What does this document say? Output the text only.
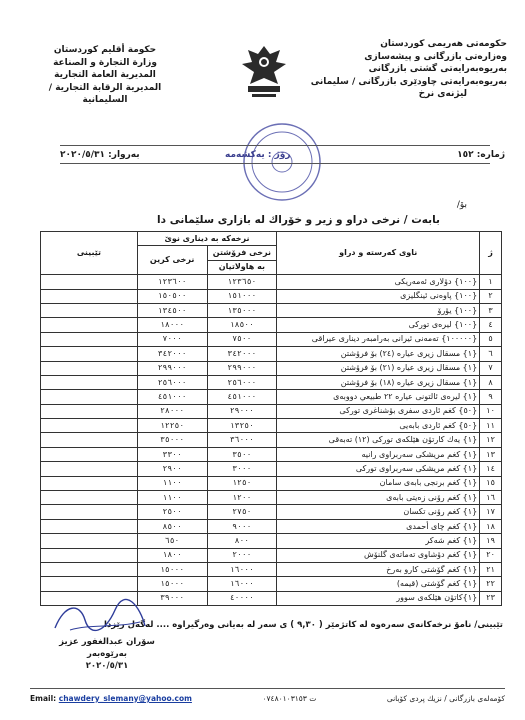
حكومة أقليم كوردستان
وزارة التجارة و الصناعة
المديرية العامة التجارية
المديرية الرقابة التجارية / السليمانية
حكومه‌تى هه‌ريمى كوردستان
وه‌زاره‌تى بازرگانى و پيشه‌سازى
به‌ريوه‌به‌رايه‌تى گشتى بازرگانى
به‌ريوه‌به‌رايه‌تى چاودێرى بازرگانى / سليمانى
ليژنه‌ى نرخ
ژماره‌: ١٥٢
به‌روار: ٢٠٢٠/٥/٣١	رۆژ : يه‌كشه‌مه
بۆ/
بابه‌ت / نرخى دراو و زير و خۆراك له‌ بازارى سلێمانى دا
ژ	ناوى كه‌رسته‌ و دراو	نرخه‌كه‌ به‌ دينارى نوێ		تێبينى
		نرخى فرۆشتن	نرخى كرين	
		به‌ هاولاتيان		
١	{١٠٠} دۆلارى ئه‌مه‌ريكى	١٢٣٦٥٠	١٢٣٦٠٠	
٢	{١٠٠} پاوه‌نى ئينگليزى	١٥١٠٠٠	١٥٠٥٠٠	
٣	{١٠٠} يۆرۆ	١٣٥٠٠٠	١٣٤٥٠٠	
٤	{١٠٠} ليره‌ى توركى	١٨٥٠٠	١٨٠٠٠	
٥	{١٠٠٠٠٠} ته‌مه‌نى ئيرانى به‌رامبه‌ر دينارى عيراقى	٧٥٠٠	٧٠٠٠	
٦	{١} مسقال زيرى عياره‌ (٢٤) بۆ فرۆشتن	٣٤٢٠٠٠	٣٤٢٠٠٠	
٧	{١} مسقال زيرى عياره‌ (٢١) بۆ فرۆشتن	٢٩٩٠٠٠	٢٩٩٠٠٠	
٨	{١} مسقال زيرى عياره‌ (١٨) بۆ فرۆشتن	٢٥٦٠٠٠	٢٥٦٠٠٠	
٩	{١} ليره‌ى ئالتونى عياره‌ ٢٢ طبيعي دووبه‌ى	٤٥١٠٠٠	٤٥١٠٠٠	
١٠	{٥٠} كغم ئاردى سفرى بۆشناغرى توركى	٢٩٠٠٠	٢٨٠٠٠	
١١	{٥٠} كغم ئاردى بابه‌يى	١٣٢٥٠	١٢٢٥٠	
١٢	{١} يه‌ك كارتۆن هێلكه‌ى توركى (١٢) ته‌به‌قى	٣٦٠٠٠	٣٥٠٠٠	
١٣	{١} كغم مريشكى سه‌ربراوى رانيه‌	٣٥٠٠	٣٣٠٠	
١٤	{١} كغم مريشكى سه‌ربراوى توركى	٣٠٠٠	٢٩٠٠	
١٥	{١} كغم برنجى بابه‌ى سامان	١٢٥٠	١١٠٠	
١٦	{١} كغم رۆنى زه‌يتى بابه‌ى	١٢٠٠	١١٠٠	
١٧	{١} كغم رۆنى تكسان	٢٧٥٠	٢٥٠٠	
١٨	{١} كغم چاى أحمدى	٩٠٠٠	٨٥٠٠	
١٩	{١} كغم شه‌كر	٨٠٠	٦٥٠	
٢٠	{١} كغم دۆشاوى ته‌ماته‌ى گلنۆش	٢٠٠٠	١٨٠٠	
٢١	{١} كغم گۆشتى كارو به‌رخ	١٦٠٠٠	١٥٠٠٠	
٢٢	{١} كغم گۆشتى (قيمه‌)	١٦٠٠٠	١٥٠٠٠	
٢٣	{١}كاتۆن هێلكه‌ى سوور	٤٠٠٠٠	٣٩٠٠٠	
تێبينى/ نامۆ نرخه‌كانه‌ى سه‌ره‌وه‌ له‌ كاتژمێر ( ٩,٣٠ ) ى سه‌ر له‌ به‌يانى وه‌رگيراوه‌ .... له‌گه‌ل رێزدا
سۆران عبدالغفور عزيز
به‌رێوه‌به‌ر
٢٠٢٠/٥/٣١
كۆمه‌له‌ى بازرگانى / نزيك پردى كۆبانى
ت ٠٧٤٨٠١٠٣١٥٣
Email: chawdery_slemany@yahoo.com
